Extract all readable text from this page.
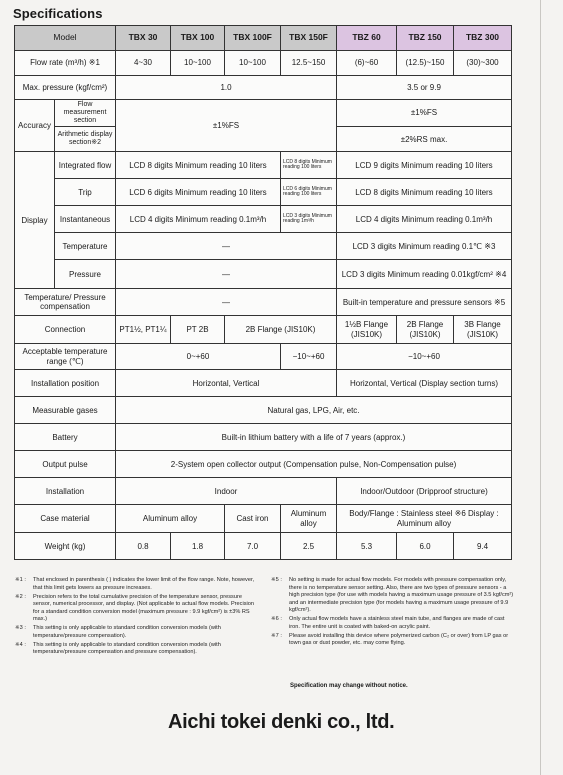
Specifications
Model		TBX 30	TBX 100	TBX 100F	TBX 150F	TBZ 60	TBZ 150	TBZ 300
Flow rate (m³/h) ※1		4~30	10~100	10~100	12.5~150	(6)~60	(12.5)~150	(30)~300
Max. pressure (kgf/cm²)		1.0				3.5 or 9.9		
Accuracy	Flow measurement section	±1%FS				±1%FS		
	Arithmetic display section※2					±2%RS max.		
Display	Integrated flow	LCD 8 digits Minimum reading 10 liters			LCD 8 digits Minimum reading 100 liters	LCD 9 digits Minimum reading 10 liters		
	Trip	LCD 6 digits Minimum reading 10 liters			LCD 6 digits Minimum reading 100 liters	LCD 8 digits Minimum reading 10 liters		
	Instantaneous	LCD 4 digits Minimum reading 0.1m³/h			LCD 3 digits Minimum reading 1m³/h	LCD 4 digits Minimum reading 0.1m³/h		
	Temperature	—				LCD 3 digits Minimum reading 0.1℃ ※3		
	Pressure	—				LCD 3 digits Minimum reading 0.01kgf/cm² ※4		
Temperature/ Pressure compensation		—				Built-in temperature and pressure sensors ※5		
Connection		PT1½, PT1¼	PT 2B	2B Flange (JIS10K)		1½B Flange (JIS10K)	2B Flange (JIS10K)	3B Flange (JIS10K)
Acceptable temperature range (℃)		0~+60			−10~+60	−10~+60		
Installation position		Horizontal, Vertical				Horizontal, Vertical (Display section turns)		
Measurable gases		Natural gas, LPG, Air, etc.						
Battery		Built-in lithium battery with a life of 7 years (approx.)						
Output pulse		2-System open collector output (Compensation pulse, Non-Compensation pulse)						
Installation		Indoor				Indoor/Outdoor (Dripproof structure)		
Case material		Aluminum alloy		Cast iron	Aluminum alloy	Body/Flange : Stainless steel ※6 Display : Aluminum alloy		
Weight (kg)		0.8	1.8	7.0	2.5	5.3	6.0	9.4
※1 :	That enclosed in parenthesis ( ) indicates the lower limit of the flow range. Note, however, that this limit gets lowers as pressure increases.
※2 :	Precision refers to the total cumulative precision of the temperature sensor, pressure sensor, numerical processor, and display. (Not applicable to actual flow models. Precision for a standard condition conversion model (maximum pressure : 9.9 kgf/cm²) is ±3% RS max.)
※3 :	This setting is only applicable to standard condition conversion models (with temperature/pressure compensation).
※4 :	This setting is only applicable to standard condition conversion models (with temperature/pressure compensation and pressure compensation).
※5 :	No setting is made for actual flow models. For models with pressure compensation only, there is no temperature sensor setting. Also, there are two types of pressure sensors - a high precision type (for use with models having a maximum usage pressure of 3.5 kgf/cm²) and an intermediate precision type (for models having a maximum usage pressure of 9.9 kgf/cm²).
※6 :	Only actual flow models have a stainless steel main tube, and flanges are made of cast iron. The entire unit is coated with baked-on acrylic paint.
※7 :	Please avoid installing this device where polymerized carbon (C₂ or over) from LP gas or town gas or dust powder, etc. may come flying.
Specification may change without notice.
Aichi tokei denki co., ltd.
